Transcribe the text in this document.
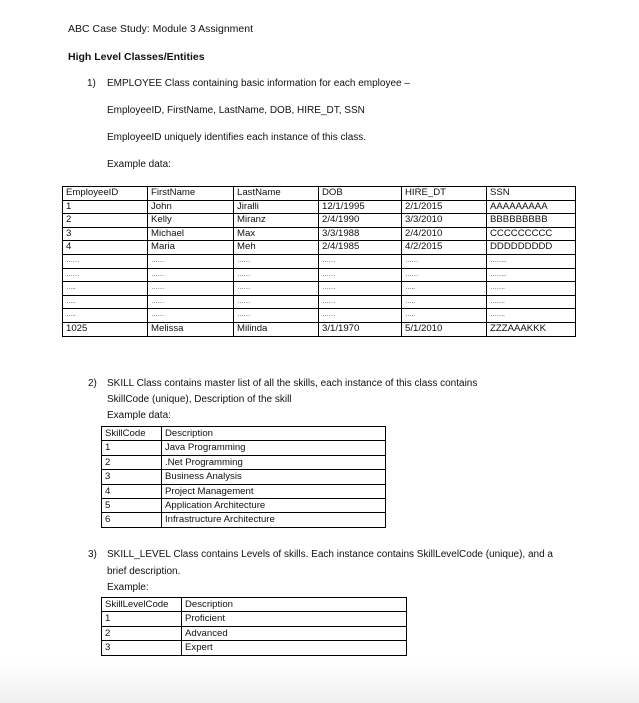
ABC Case Study: Module 3 Assignment
High Level Classes/Entities
1) EMPLOYEE Class containing basic information for each employee –
EmployeeID, FirstName, LastName, DOB, HIRE_DT, SSN
EmployeeID uniquely identifies each instance of this class.
Example data:
EmployeeID	FirstName	LastName	DOB	HIRE_DT	SSN
1	John	Jiralli	12/1/1995	2/1/2015	AAAAAAAAA
2	Kelly	Miranz	2/4/1990	3/3/2010	BBBBBBBBB
3	Michael	Max	3/3/1988	2/4/2010	CCCCCCCCC
4	Maria	Meh	2/4/1985	4/2/2015	DDDDDDDDD
……	……	……	……	……	……..
……	……	……	……	……	……..
…..	……	……	……	…..	…….
…..	……	……	……	…..	…….
…..	……	……	……	…..	…….
1025	Melissa	Milinda	3/1/1970	5/1/2010	ZZZAAAKKK
2) SKILL Class contains master list of all the skills, each instance of this class contains
SkillCode (unique), Description of the skill
Example data:
SkillCode	Description
1	Java Programming
2	.Net Programming
3	Business Analysis
4	Project Management
5	Application Architecture
6	Infrastructure Architecture
3) SKILL_LEVEL Class contains Levels of skills. Each instance contains SkillLevelCode (unique), and a
brief description.
Example:
SkillLevelCode	Description
1	Proficient
2	Advanced
3	Expert
